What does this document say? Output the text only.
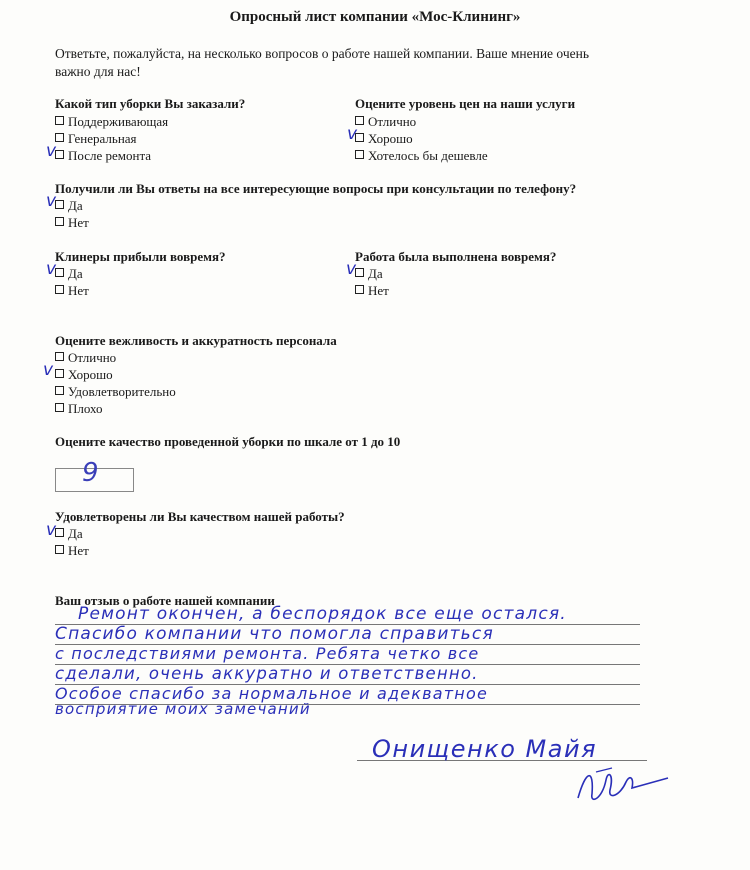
Опросный лист компании «Мос-Клининг»
Ответьте, пожалуйста, на несколько вопросов о работе нашей компании. Ваше мнение очень
важно для нас!
Какой тип уборки Вы заказали?
Поддерживающая
Генеральная
После ремонта
v
Оцените уровень цен на наши услуги
Отлично
Хорошо
Хотелось бы дешевле
v
Получили ли Вы ответы на все интересующие вопросы при консультации по телефону?
Да
Нет
v
Клинеры прибыли вовремя?
Да
Нет
v
Работа была выполнена вовремя?
Да
Нет
v
Оцените вежливость и аккуратность персонала
Отлично
Хорошо
Удовлетворительно
Плохо
v
Оцените качество проведенной уборки по шкале от 1 до 10
9
Удовлетворены ли Вы качеством нашей работы?
Да
Нет
v
Ваш отзыв о работе нашей компании
Ремонт окончен, а беспорядок все еще остался.
Спасибо компании что помогла справиться
с последствиями ремонта. Ребята четко все
сделали, очень аккуратно и ответственно.
Особое спасибо за нормальное и адекватное
восприятие моих замечаний
Онищенко Майя
